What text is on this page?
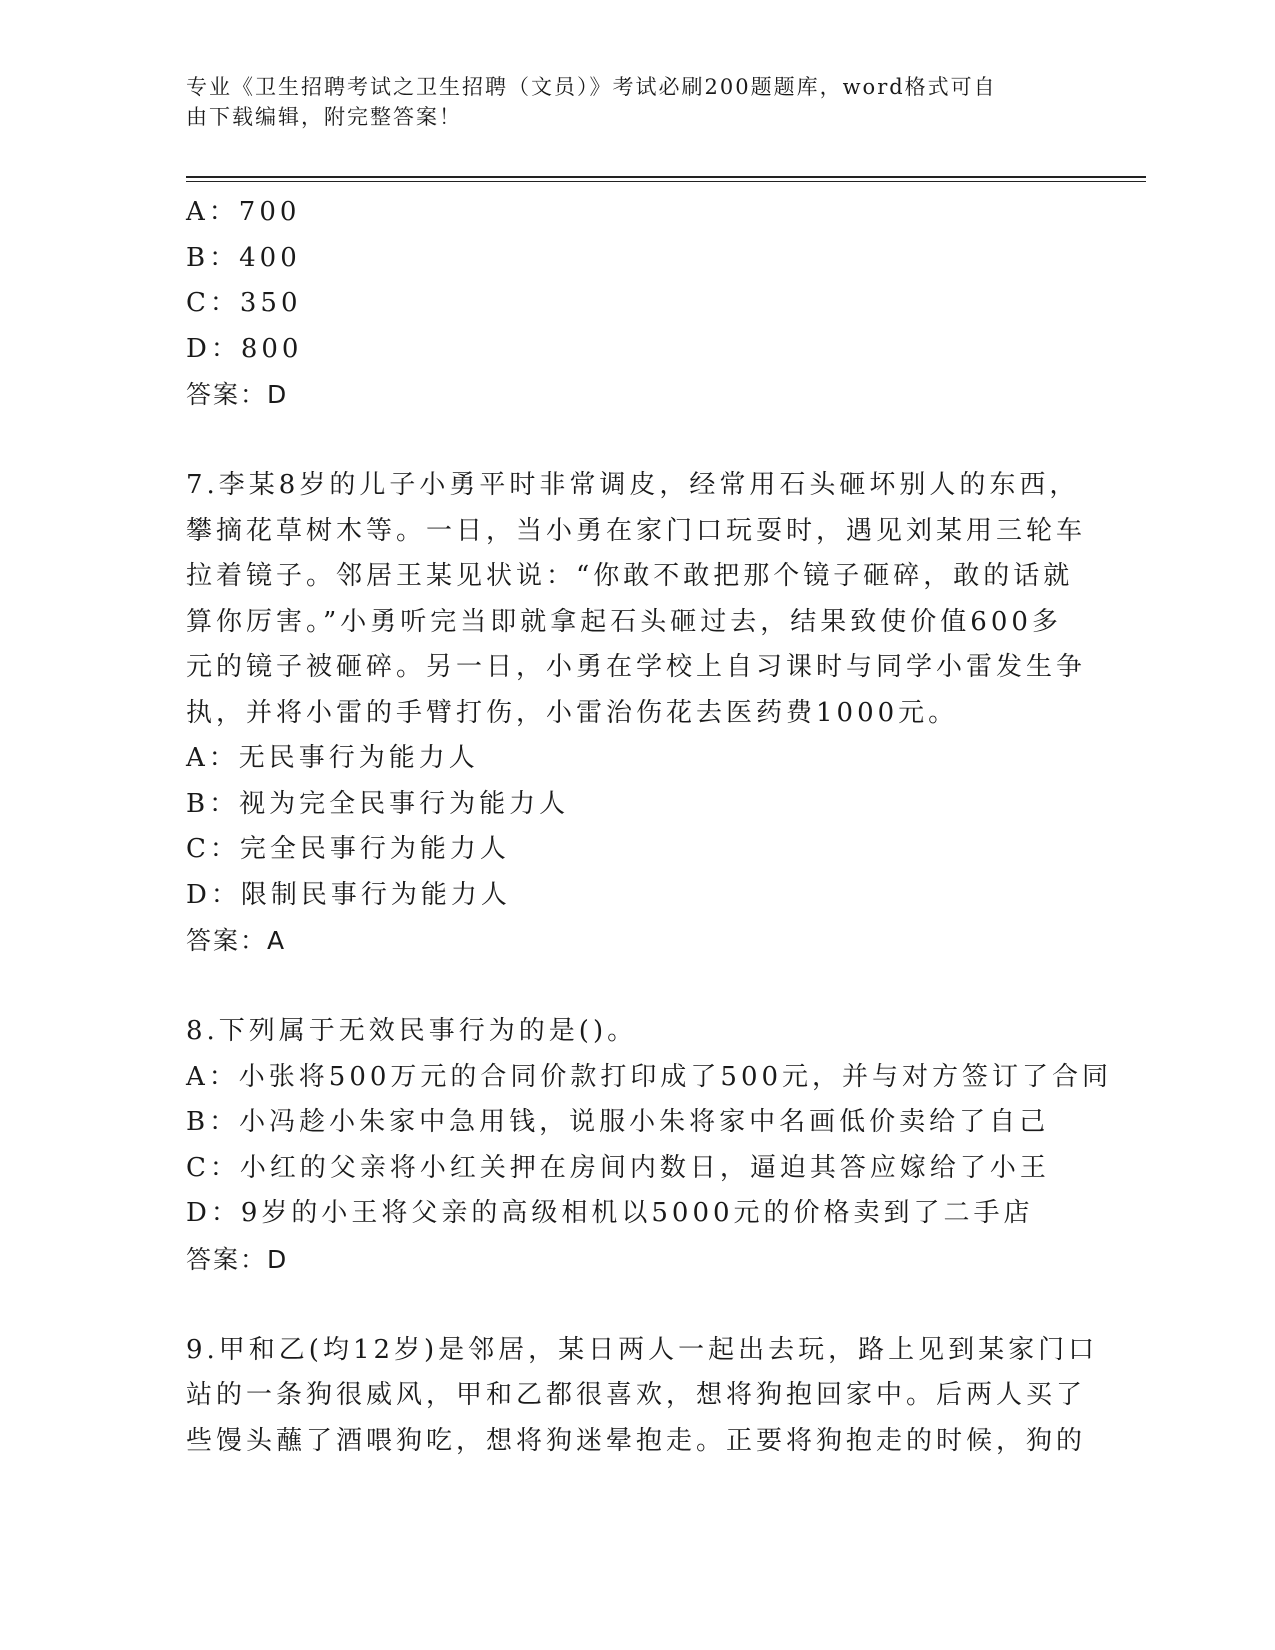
专业《卫生招聘考试之卫生招聘（文员）》考试必刷200题题库，word格式可自
由下载编辑，附完整答案！
A：700
B：400
C：350
D：800
答案：D
7.李某8岁的儿子小勇平时非常调皮，经常用石头砸坏别人的东西，
攀摘花草树木等。一日，当小勇在家门口玩耍时，遇见刘某用三轮车
拉着镜子。邻居王某见状说：“你敢不敢把那个镜子砸碎，敢的话就
算你厉害。”小勇听完当即就拿起石头砸过去，结果致使价值600多
元的镜子被砸碎。另一日，小勇在学校上自习课时与同学小雷发生争
执，并将小雷的手臂打伤，小雷治伤花去医药费1000元。
A：无民事行为能力人
B：视为完全民事行为能力人
C：完全民事行为能力人
D：限制民事行为能力人
答案：A
8.下列属于无效民事行为的是()。
A：小张将500万元的合同价款打印成了500元，并与对方签订了合同
B：小冯趁小朱家中急用钱，说服小朱将家中名画低价卖给了自己
C：小红的父亲将小红关押在房间内数日，逼迫其答应嫁给了小王
D：9岁的小王将父亲的高级相机以5000元的价格卖到了二手店
答案：D
9.甲和乙(均12岁)是邻居，某日两人一起出去玩，路上见到某家门口
站的一条狗很威风，甲和乙都很喜欢，想将狗抱回家中。后两人买了
些馒头蘸了酒喂狗吃，想将狗迷晕抱走。正要将狗抱走的时候，狗的
